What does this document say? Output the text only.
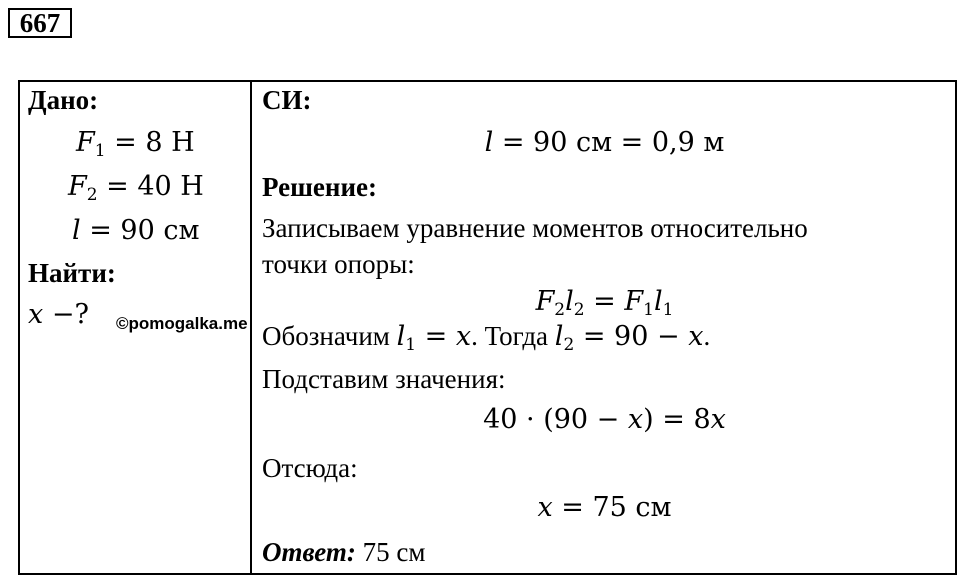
667
Дано:
$F_1 = 8$ Н
$F_2 = 40$ Н
l = 90 см
Найти:
x −?
СИ:
l = 90 см = 0,9 м
Решение:
Записываем уравнение моментов относительно
точки опоры:
$F_2l_2 = F_1l_1$
Обозначим $l_1 = x$. Тогда $l_2 = 90 - x$.
Подставим значения:
40 · (90 − x) = 8x
Отсюда:
x = 75 см
Ответ: 75 см
©pomogalka.me
